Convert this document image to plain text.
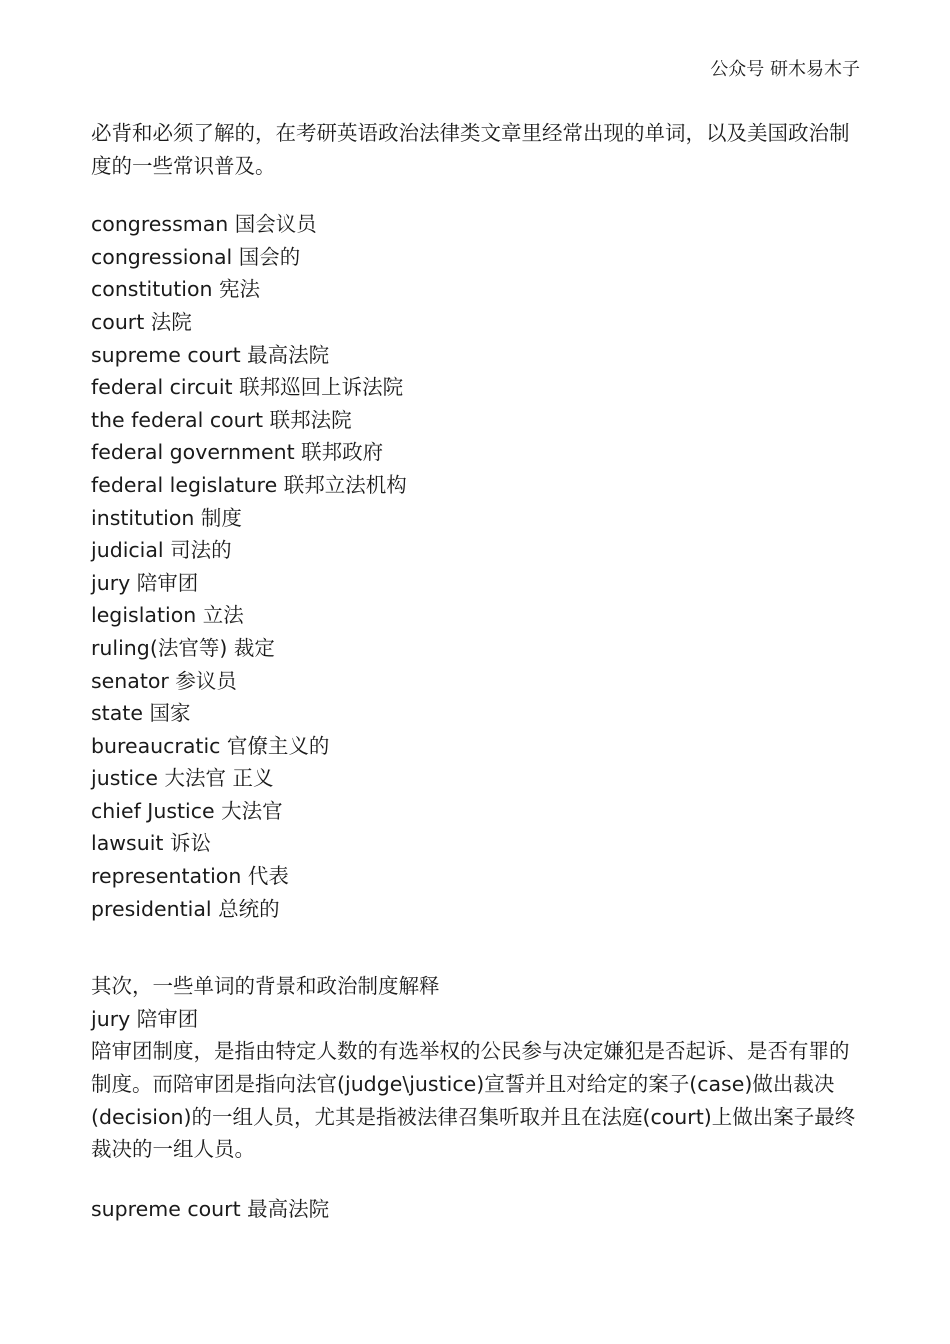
公众号 研木易木子

必背和必须了解的，在考研英语政治法律类文章里经常出现的单词，以及美国政治制度的一些常识普及。

congressman 国会议员
congressional 国会的
constitution 宪法
court 法院
supreme court 最高法院
federal circuit 联邦巡回上诉法院
the federal court 联邦法院
federal government 联邦政府
federal legislature 联邦立法机构
institution 制度
judicial 司法的
jury 陪审团
legislation 立法
ruling(法官等) 裁定
senator 参议员
state 国家
bureaucratic 官僚主义的
justice 大法官 正义
chief Justice 大法官
lawsuit 诉讼
representation 代表
presidential 总统的

其次，一些单词的背景和政治制度解释

jury 陪审团

陪审团制度，是指由特定人数的有选举权的公民参与决定嫌犯是否起诉、是否有罪的制度。而陪审团是指向法官(judge\justice)宣誓并且对给定的案子(case)做出裁决(decision)的一组人员，尤其是指被法律召集听取并且在法庭(court)上做出案子最终裁决的一组人员。

supreme court 最高法院
